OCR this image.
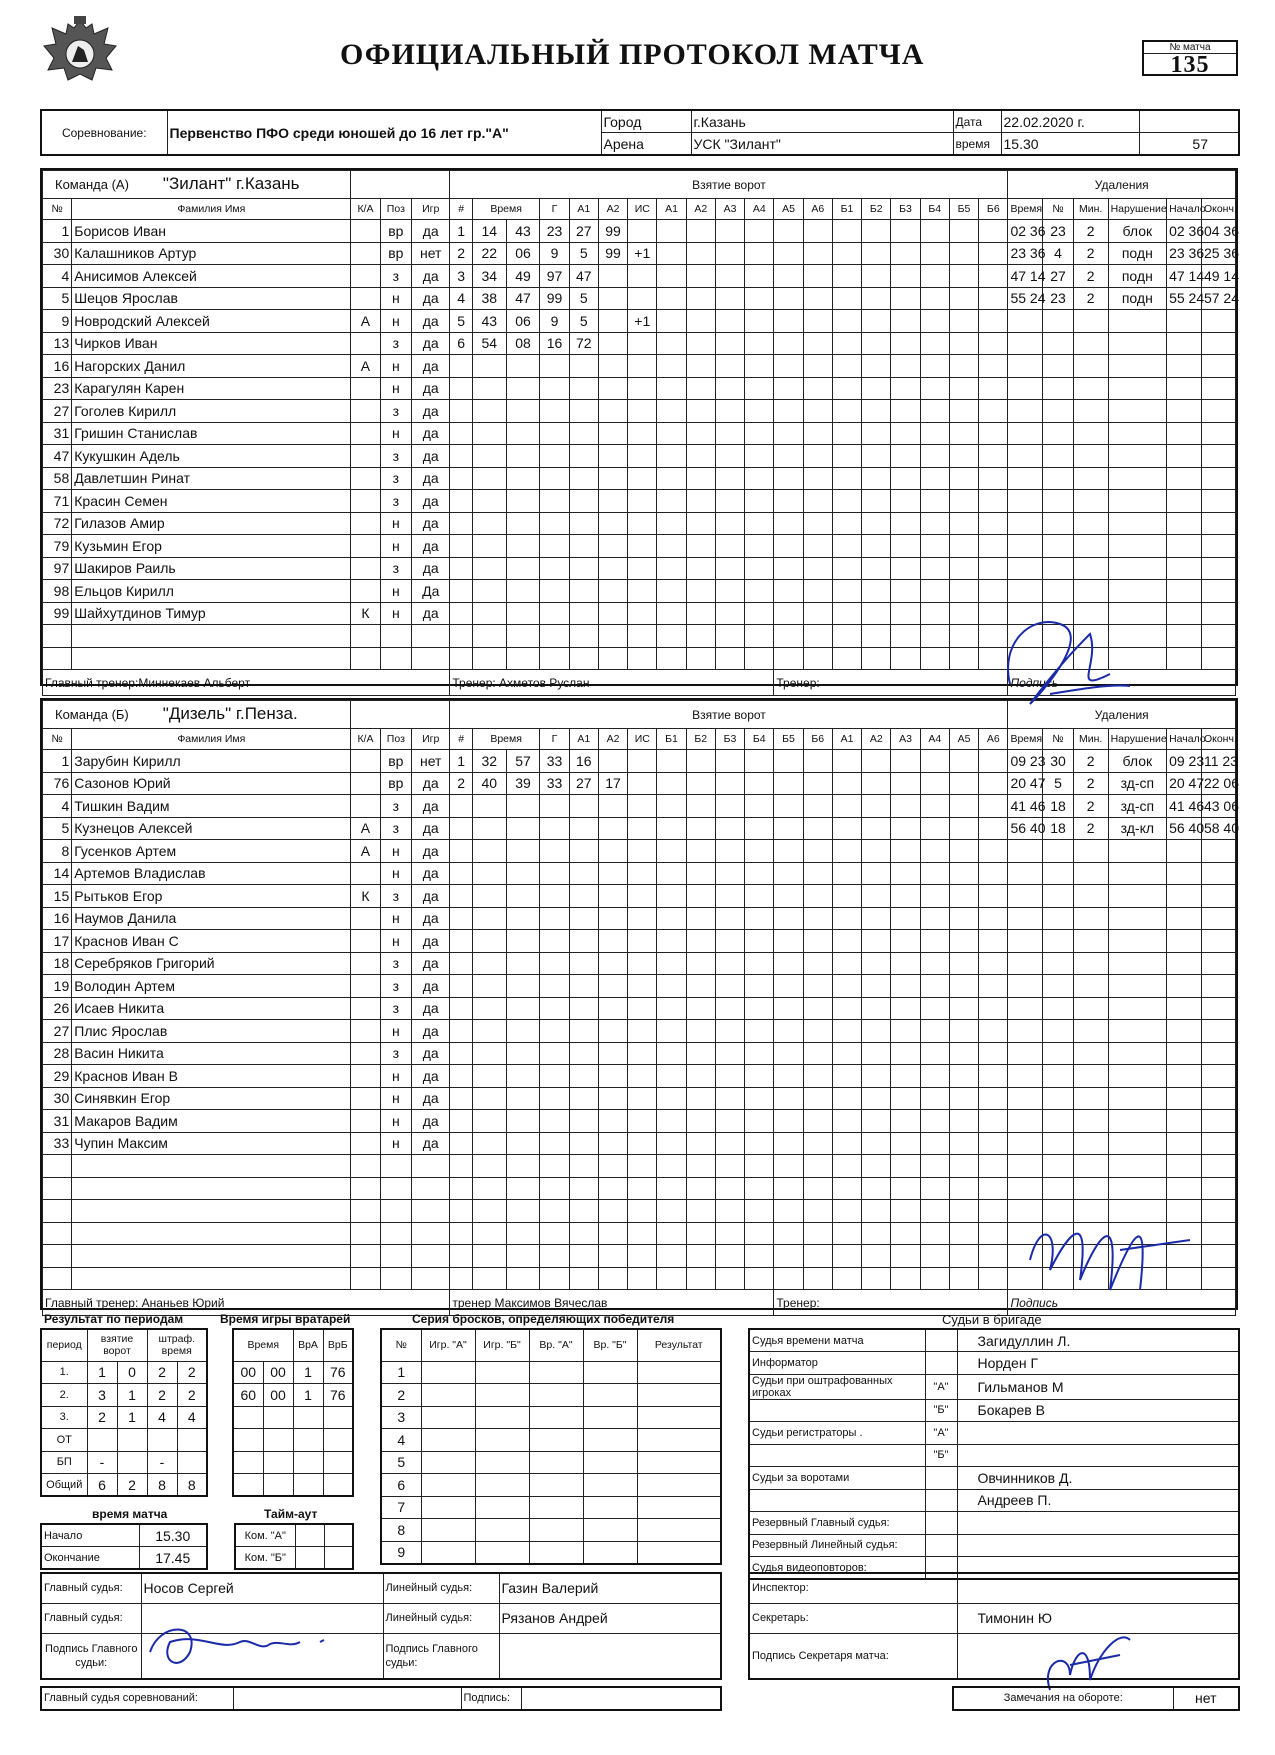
ОФИЦИАЛЬНЫЙ ПРОТОКОЛ МАТЧА	№ матча
135
Соревнование:	Первенство ПФО среди юношей до 16 лет гр."А"	Город	г.Казань	Дата	22.02.2020 г.	
		Арена	УСК "Зилант"	время	15.30	57
Команда (А) "Зилант" г.Казань					Взятие ворот																			Удаления					
№	Фамилия Имя	К/А	Поз	Игр	#	Время		Г	А1	А2	ИС	А1	А2	А3	А4	А5	А6	Б1	Б2	Б3	Б4	Б5	Б6	Время	№	Мин.	Нарушение	Начало	Оконч.
1	Борисов Иван		вр	да	1	14	43	23	27	99														02 36	23	2	блок	02 36	04 36
30	Калашников Артур		вр	нет	2	22	06	9	5	99	+1													23 36	4	2	подн	23 36	25 36
4	Анисимов Алексей		з	да	3	34	49	97	47															47 14	27	2	подн	47 14	49 14
5	Шецов Ярослав		н	да	4	38	47	99	5															55 24	23	2	подн	55 24	57 24
9	Новродский Алексей	А	н	да	5	43	06	9	5		+1																		
13	Чирков Иван		з	да	6	54	08	16	72																				
16	Нагорских Данил	А	н	да																									
23	Карагулян Карен		н	да																									
27	Гоголев Кирилл		з	да																									
31	Гришин Станислав		н	да																									
47	Кукушкин Адель		з	да																									
58	Давлетшин Ринат		з	да																									
71	Красин Семен		з	да																									
72	Гилазов Амир		н	да																									
79	Кузьмин Егор		н	да																									
97	Шакиров Раиль		з	да																									
98	Ельцов Кирилл		н	Да																									
99	Шайхутдинов Тимур	К	н	да																									

Главный тренер:Миннекаев Альберт					Тренер: Ахметов Руслан											Тренер:								Подпись					
Команда (Б) "Дизель" г.Пенза.					Взятие ворот																			Удаления					
№	Фамилия Имя	К/А	Поз	Игр	#	Время		Г	А1	А2	ИС	Б1	Б2	Б3	Б4	Б5	Б6	А1	А2	А3	А4	А5	А6	Время	№	Мин.	Нарушение	Начало	Оконч.
1	Зарубин Кирилл		вр	нет	1	32	57	33	16															09 23	30	2	блок	09 23	11 23
76	Сазонов Юрий		вр	да	2	40	39	33	27	17														20 47	5	2	зд-сп	20 47	22 06
4	Тишкин Вадим		з	да																				41 46	18	2	зд-сп	41 46	43 06
5	Кузнецов Алексей	А	з	да																				56 40	18	2	зд-кл	56 40	58 40
8	Гусенков Артем	А	н	да																									
14	Артемов Владислав		н	да																									
15	Рытьков Егор	К	з	да																									
16	Наумов Данила		н	да																									
17	Краснов Иван С		н	да																									
18	Серебряков Григорий		з	да																									
19	Володин Артем		з	да																									
26	Исаев Никита		з	да																									
27	Плис Ярослав		н	да																									
28	Васин Никита		з	да																									
29	Краснов Иван В		н	да																									
30	Синявкин Егор		н	да																									
31	Макаров Вадим		н	да																									
33	Чупин Максим		н	да																									

Главный тренер: Ананьев Юрий					тренер Максимов Вячеслав											Тренер:								Подпись					
Результат по периодам
период	взятие ворот		штраф. время	
1.	1	0	2	2
2.	3	1	2	2
3.	2	1	4	4
ОТ				
БП	-		-	
Общий	6	2	8	8
Время игры вратарей
Время		ВрА	ВрБ
00	00	1	76
60	00	1	76

Серия бросков, определяющих победителя
№	Игр. "А"	Игр. "Б"	Вр. "А"	Вр. "Б"	Результат
1					
2					
3					
4					
5					
6					
7					
8					
9					
время матча
Начало	15.30
Окончание	17.45
Тайм-аут
Ком. "А"		
Ком. "Б"		
Судьи в бригаде
Судья времени матча		Загидуллин Л.
Информатор		Норден Г
Судьи при оштрафованных игроках	"А"	Гильманов М
	"Б"	Бокарев В
Судьи регистраторы .	"А"	
	"Б"	
Судьи за воротами		Овчинников Д.
		Андреев П.
Резервный Главный судья:		
Резервный Линейный судья:		
Судья видеоповторов:		
Главный судья:	Носов Сергей	Линейный судья:	Газин Валерий
Главный судья:		Линейный судья:	Рязанов Андрей
Подпись Главного судьи:		Подпись Главного судьи:	
Главный судья соревнований:		Подпись:	
Инспектор:	
Секретарь:	Тимонин Ю
Подпись Секретаря матча:	
Замечания на обороте:	нет
